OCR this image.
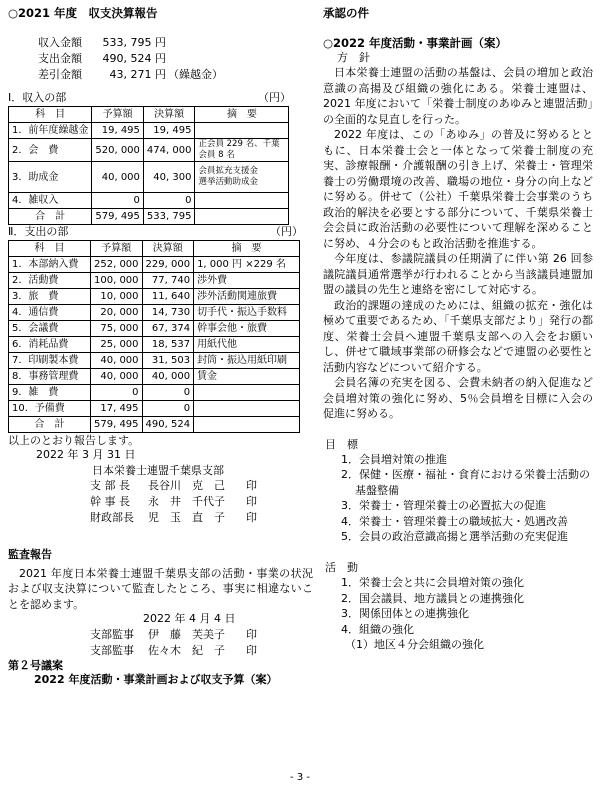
○2021 年度　収支決算報告
収入金額	533, 795 円
支出金額	490, 524 円
差引金額	43, 271 円 （繰越金）
Ⅰ．収入の部	（円）
科　目	予算額	決算額	摘　要
1．前年度繰越金	19, 495	19, 495	
2．会　費	520, 000	474, 000	正会員 229 名、千葉会員 8 名
3．助成金	40, 000	40, 300	会員拡充支援金
選挙活動助成金
4．雑収入	0	0	
合　計	579, 495	533, 795	
Ⅱ．支出の部	（円）
科　目	予算額	決算額	摘　要
1．本部納入費	252, 000	229, 000	1, 000 円 ×229 名
2．活動費	100, 000	77, 740	渉外費
3．旅　費	10, 000	11, 640	渉外活動関連旅費
4．通信費	20, 000	14, 730	切手代・振込手数料
5．会議費	75, 000	67, 374	幹事会他・旅費
6．消耗品費	25, 000	18, 537	用紙代他
7．印刷製本費	40, 000	31, 503	封筒・振込用紙印刷
8．事務管理費	40, 000	40, 000	賃金
9．雑　費	0	0	
10．予備費	17, 495	0	
合　計	579, 495	490, 524	
以上のとおり報告します。
2022 年 3 月 31 日
日本栄養士連盟千葉県支部
支 部 長	長谷川　克　己	印
幹 事 長	永　井　千代子	印
財政部長	児　玉　直　子	印
監査報告

2021 年度日本栄養士連盟千葉県支部の活動・事業の状況および収支決算について監査したところ、事実に相違ないことを認めます。

2022 年 4 月 4 日
支部監事	伊　藤　芙美子	印
支部監事	佐々木　紀　子	印
第２号議案
2022 年度活動・事業計画および収支予算（案）
承認の件
○2022 年度活動・事業計画（案）
方　針

日本栄養士連盟の活動の基盤は、会員の増加と政治意識の高揚及び組織の強化にある。栄養士連盟は、2021 年度において「栄養士制度のあゆみと連盟活動」の全面的な見直しを行った。

2022 年度は、この「あゆみ」の普及に努めるとともに、日本栄養士会と一体となって栄養士制度の充実、診療報酬・介護報酬の引き上げ、栄養士・管理栄養士の労働環境の改善、職場の地位・身分の向上などに努める。併せて（公社）千葉県栄養士会事業のうち政治的解決を必要とする部分について、千葉県栄養士会会員に政治活動の必要性について理解を深めることに努め、４分会のもと政治活動を推進する。

今年度は、参議院議員の任期満了に伴い第 26 回参議院議員通常選挙が行われることから当該議員連盟加盟の議員の先生と連絡を密にして対応する。

政治的課題の達成のためには、組織の拡充・強化は極めて重要であるため、「千葉県支部だより」発行の都度、栄養士会員へ連盟千葉県支部への入会をお願いし、併せて職域事業部の研修会などで連盟の必要性と活動内容などについて紹介する。

会員名簿の充実を図る、会費未納者の納入促進など会員増対策の強化に努め、5％会員増を目標に入会の促進に努める。

目　標
1．会員増対策の推進
2．保健・医療・福祉・食育における栄養士活動の基盤整備
3．栄養士・管理栄養士の必置拡大の促進
4．栄養士・管理栄養士の職域拡大・処遇改善
5．会員の政治意識高揚と選挙活動の充実促進
活　動
1．栄養士会と共に会員増対策の強化
2．国会議員、地方議員との連携強化
3．関係団体との連携強化
4．組織の強化
（1）地区４分会組織の強化
- 3 -
